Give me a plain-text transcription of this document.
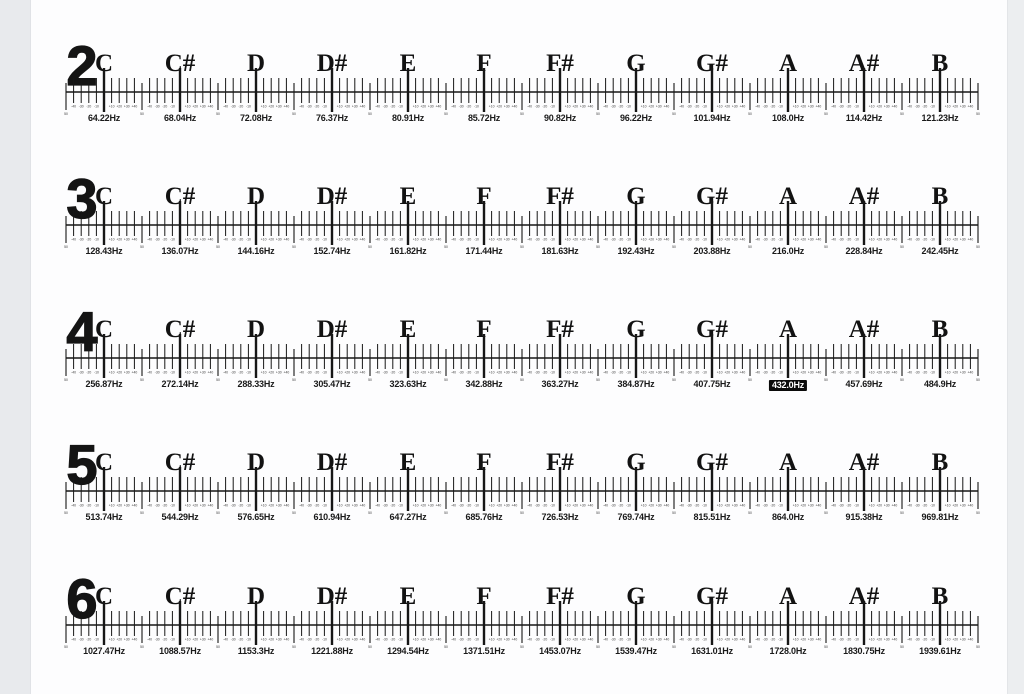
2 C C# D D# E F F# G G# A A# B
50
-40 -30 -20 -10	+10 +20 +30 +40
50
-40 -30 -20 -10	+10 +20 +30 +40
50
-40 -30 -20 -10	+10 +20 +30 +40
50
-40 -30 -20 -10	+10 +20 +30 +40
50
-40 -30 -20 -10	+10 +20 +30 +40
50
-40 -30 -20 -10	+10 +20 +30 +40
50
-40 -30 -20 -10	+10 +20 +30 +40
50
-40 -30 -20 -10	+10 +20 +30 +40
50
-40 -30 -20 -10	+10 +20 +30 +40
50
-40 -30 -20 -10	+10 +20 +30 +40
50
-40 -30 -20 -10	+10 +20 +30 +40
50
-40 -30 -20 -10	+10 +20 +30 +40
50
64.22Hz	68.04Hz	72.08Hz	76.37Hz	80.91Hz	85.72Hz	90.82Hz	96.22Hz	101.94Hz	108.0Hz	114.42Hz	121.23Hz
3 C C# D D# E F F# G G# A A# B
50
-40 -30 -20 -10	+10 +20 +30 +40
50
-40 -30 -20 -10	+10 +20 +30 +40
50
-40 -30 -20 -10	+10 +20 +30 +40
50
-40 -30 -20 -10	+10 +20 +30 +40
50
-40 -30 -20 -10	+10 +20 +30 +40
50
-40 -30 -20 -10	+10 +20 +30 +40
50
-40 -30 -20 -10	+10 +20 +30 +40
50
-40 -30 -20 -10	+10 +20 +30 +40
50
-40 -30 -20 -10	+10 +20 +30 +40
50
-40 -30 -20 -10	+10 +20 +30 +40
50
-40 -30 -20 -10	+10 +20 +30 +40
50
-40 -30 -20 -10	+10 +20 +30 +40
50
128.43Hz	136.07Hz	144.16Hz	152.74Hz	161.82Hz	171.44Hz	181.63Hz	192.43Hz	203.88Hz	216.0Hz	228.84Hz	242.45Hz
4 C C# D D# E F F# G G# A A# B
50
-40 -30 -20 -10	+10 +20 +30 +40
50
-40 -30 -20 -10	+10 +20 +30 +40
50
-40 -30 -20 -10	+10 +20 +30 +40
50
-40 -30 -20 -10	+10 +20 +30 +40
50
-40 -30 -20 -10	+10 +20 +30 +40
50
-40 -30 -20 -10	+10 +20 +30 +40
50
-40 -30 -20 -10	+10 +20 +30 +40
50
-40 -30 -20 -10	+10 +20 +30 +40
50
-40 -30 -20 -10	+10 +20 +30 +40
50
-40 -30 -20 -10	+10 +20 +30 +40
50
-40 -30 -20 -10	+10 +20 +30 +40
50
-40 -30 -20 -10	+10 +20 +30 +40
50
256.87Hz	272.14Hz	288.33Hz	305.47Hz	323.63Hz	342.88Hz	363.27Hz	384.87Hz	407.75Hz	432.0Hz	457.69Hz	484.9Hz
5 C C# D D# E F F# G G# A A# B
50
-40 -30 -20 -10	+10 +20 +30 +40
50
-40 -30 -20 -10	+10 +20 +30 +40
50
-40 -30 -20 -10	+10 +20 +30 +40
50
-40 -30 -20 -10	+10 +20 +30 +40
50
-40 -30 -20 -10	+10 +20 +30 +40
50
-40 -30 -20 -10	+10 +20 +30 +40
50
-40 -30 -20 -10	+10 +20 +30 +40
50
-40 -30 -20 -10	+10 +20 +30 +40
50
-40 -30 -20 -10	+10 +20 +30 +40
50
-40 -30 -20 -10	+10 +20 +30 +40
50
-40 -30 -20 -10	+10 +20 +30 +40
50
-40 -30 -20 -10	+10 +20 +30 +40
50
513.74Hz	544.29Hz	576.65Hz	610.94Hz	647.27Hz	685.76Hz	726.53Hz	769.74Hz	815.51Hz	864.0Hz	915.38Hz	969.81Hz
6 C C# D D# E F F# G G# A A# B
50
-40 -30 -20 -10	+10 +20 +30 +40
50
-40 -30 -20 -10	+10 +20 +30 +40
50
-40 -30 -20 -10	+10 +20 +30 +40
50
-40 -30 -20 -10	+10 +20 +30 +40
50
-40 -30 -20 -10	+10 +20 +30 +40
50
-40 -30 -20 -10	+10 +20 +30 +40
50
-40 -30 -20 -10	+10 +20 +30 +40
50
-40 -30 -20 -10	+10 +20 +30 +40
50
-40 -30 -20 -10	+10 +20 +30 +40
50
-40 -30 -20 -10	+10 +20 +30 +40
50
-40 -30 -20 -10	+10 +20 +30 +40
50
-40 -30 -20 -10	+10 +20 +30 +40
50
1027.47Hz	1088.57Hz	1153.3Hz	1221.88Hz	1294.54Hz	1371.51Hz	1453.07Hz	1539.47Hz	1631.01Hz	1728.0Hz	1830.75Hz	1939.61Hz
